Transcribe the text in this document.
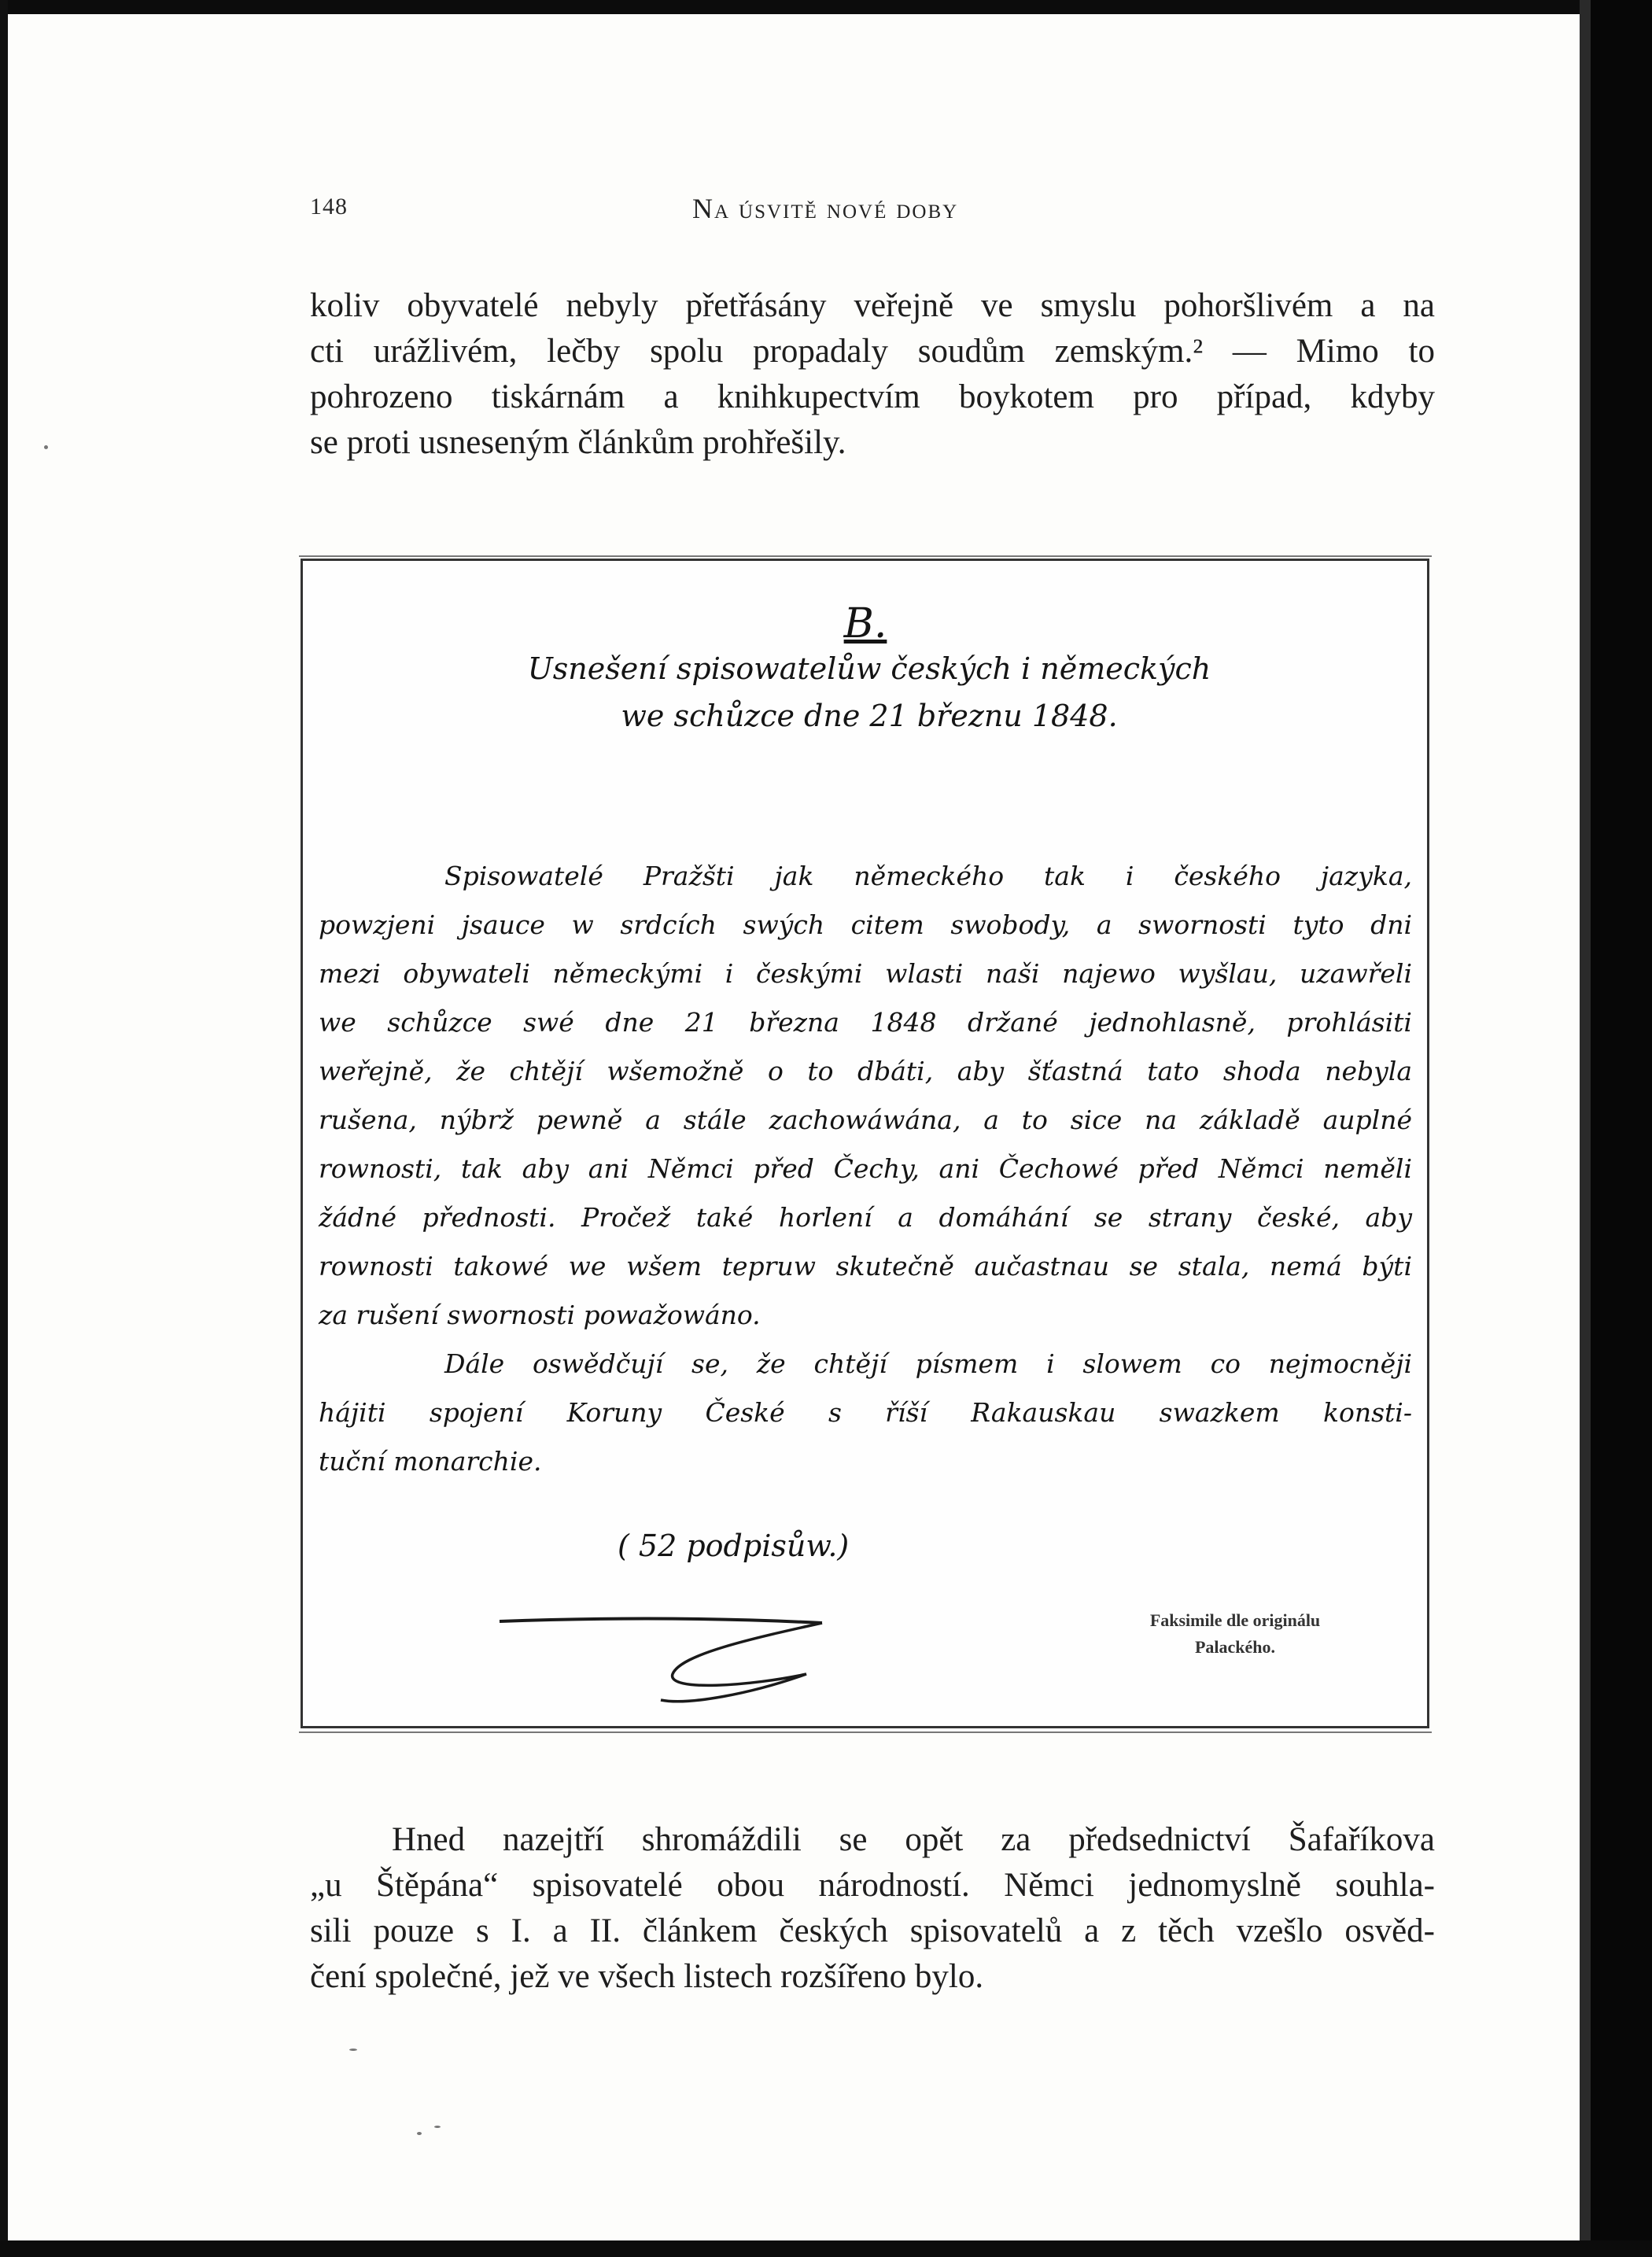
148	Na úsvitě nové doby
koliv obyvatelé nebyly přetřásány veřejně ve smyslu pohoršlivém a na
cti urážlivém, lečby spolu propadaly soudům zemským.² — Mimo to
pohrozeno tiskárnám a knihkupectvím boykotem pro případ, kdyby
se proti usneseným článkům prohřešily.
B.
Usnešení spisowatelůw českých i německých
we schůzce dne 21 březnu 1848.
Spisowatelé Pražšti jak německého tak i českého jazyka,
powzjeni jsauce w srdcích swých citem swobody, a swornosti tyto dni
mezi obywateli německými i českými wlasti naši najewo wyšlau, uzawřeli
we schůzce swé dne 21 března 1848 držané jednohlasně, prohlásiti
weřejně, že chtějí wšemožně o to dbáti, aby šťastná tato shoda nebyla
rušena, nýbrž pewně a stále zachowáwána, a to sice na základě auplné
rownosti, tak aby ani Němci před Čechy, ani Čechowé před Němci neměli
žádné přednosti. Pročež také horlení a domáhání se strany české, aby
rownosti takowé we wšem tepruw skutečně aučastnau se stala, nemá býti
za rušení swornosti powažowáno.
Dále oswědčují se, že chtějí písmem i slowem co nejmocněji
hájiti spojení Koruny České s říší Rakauskau swazkem konsti-
tuční monarchie.
( 52 podpisůw.)
Faksimile dle originálu
Palackého.
Hned nazejtří shromáždili se opět za předsednictví Šafaříkova
„u Štěpána“ spisovatelé obou národností. Němci jednomyslně souhla-
sili pouze s I. a II. článkem českých spisovatelů a z těch vzešlo osvěd-
čení společné, jež ve všech listech rozšířeno bylo.
